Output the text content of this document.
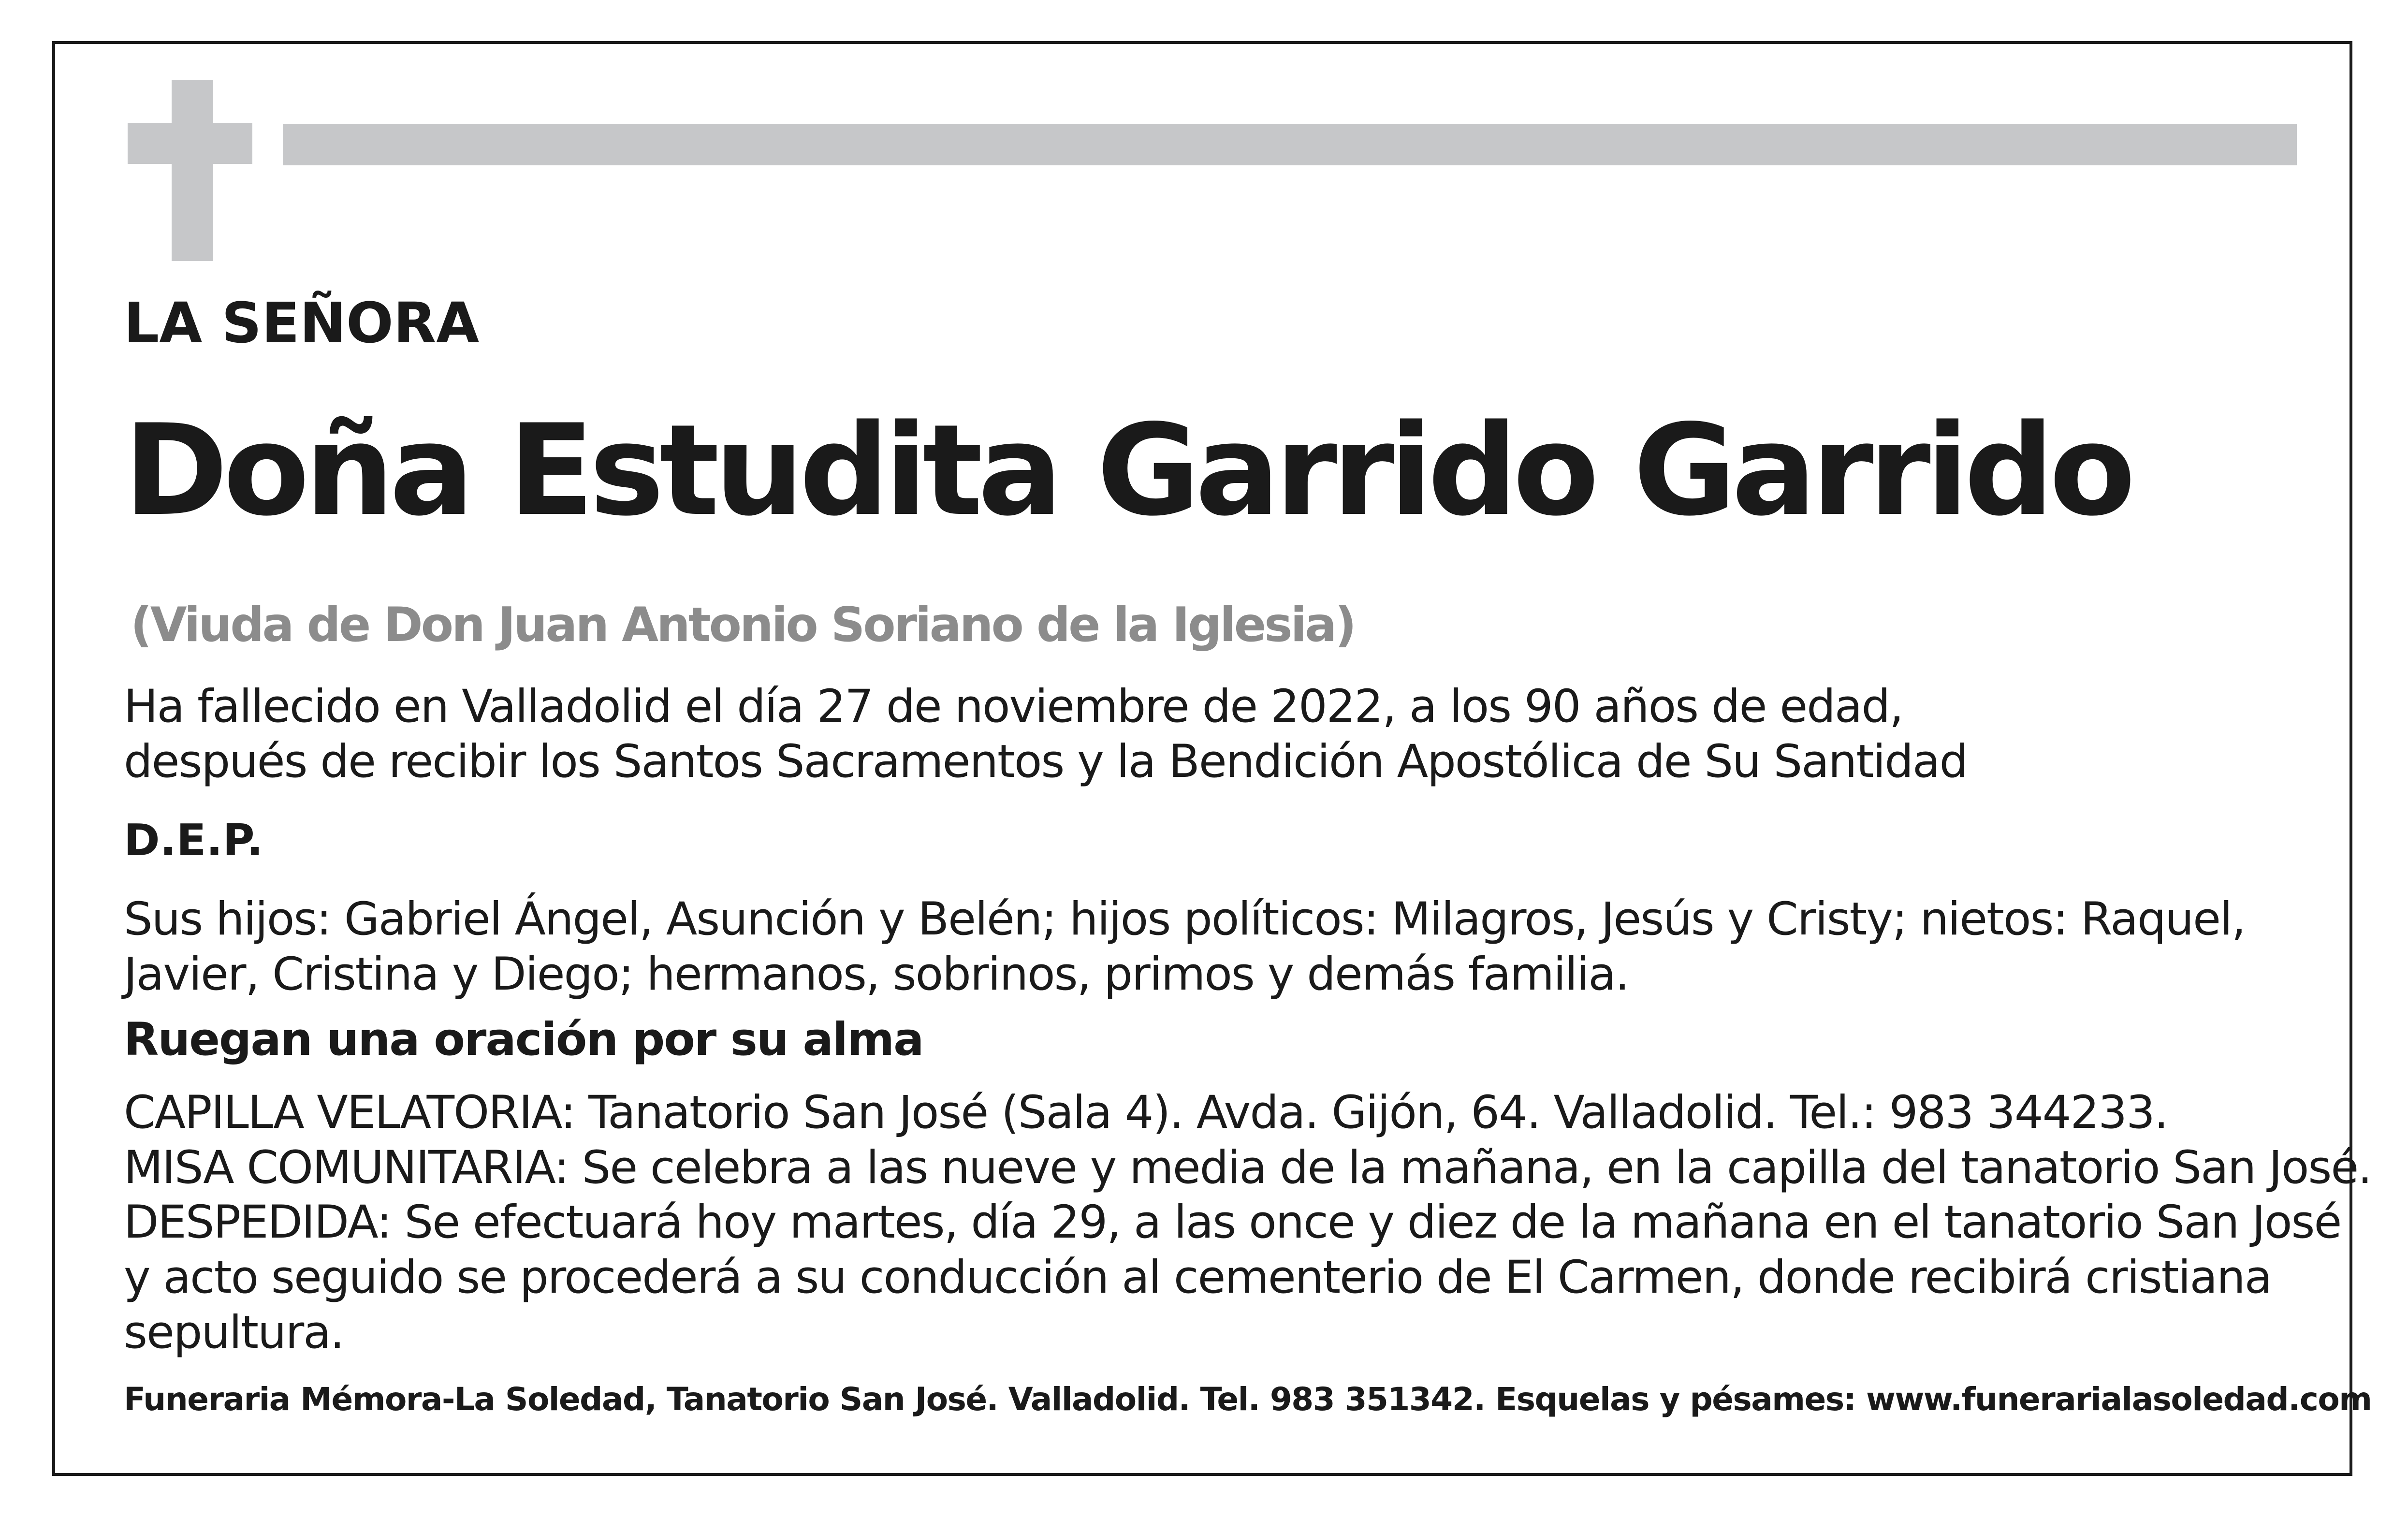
LA SEÑORA

Doña Estudita Garrido Garrido

(Viuda de Don Juan Antonio Soriano de la Iglesia)

Ha fallecido en Valladolid el día 27 de noviembre de 2022, a los 90 años de edad,
después de recibir los Santos Sacramentos y la Bendición Apostólica de Su Santidad

D.E.P.

Sus hijos: Gabriel Ángel, Asunción y Belén; hijos políticos: Milagros, Jesús y Cristy; nietos: Raquel,
Javier, Cristina y Diego; hermanos, sobrinos, primos y demás familia.

Ruegan una oración por su alma

CAPILLA VELATORIA: Tanatorio San José (Sala 4). Avda. Gijón, 64. Valladolid. Tel.: 983 344233.
MISA COMUNITARIA: Se celebra a las nueve y media de la mañana, en la capilla del tanatorio San José.
DESPEDIDA: Se efectuará hoy martes, día 29, a las once y diez de la mañana en el tanatorio San José
y acto seguido se procederá a su conducción al cementerio de El Carmen, donde recibirá cristiana
sepultura.

Funeraria Mémora-La Soledad, Tanatorio San José. Valladolid. Tel. 983 351342. Esquelas y pésames: www.funerarialasoledad.com
